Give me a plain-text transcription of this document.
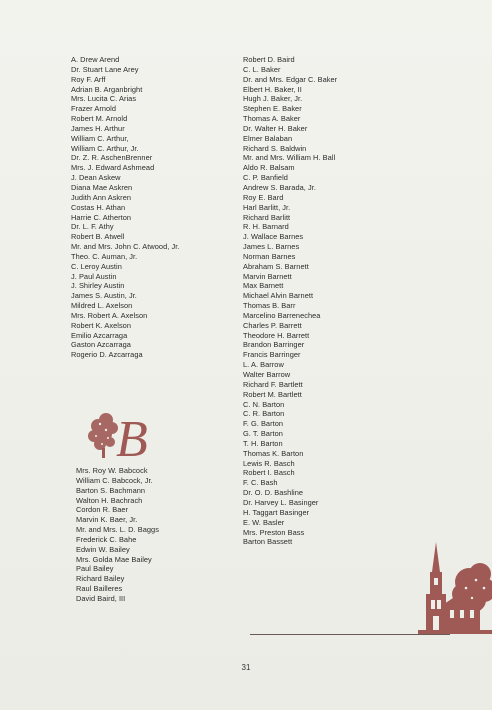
A. Drew Arend
Dr. Stuart Lane Arey
Roy F. Arff
Adrian B. Arganbright
Mrs. Lucita C. Arias
Frazer Arnold
Robert M. Arnold
James H. Arthur
William C. Arthur,
William C. Arthur, Jr.
Dr. Z. R. AschenBrenner
Mrs. J. Edward Ashmead
J. Dean Askew
Diana Mae Askren
Judith Ann Askren
Costas H. Athan
Harrie C. Atherton
Dr. L. F. Athy
Robert B. Atwell
Mr. and Mrs. John C. Atwood, Jr.
Theo. C. Auman, Jr.
C. Leroy Austin
J. Paul Austin
J. Shirley Austin
James S. Austin, Jr.
Mildred L. Axelson
Mrs. Robert A. Axelson
Robert K. Axelson
Emilio Azcarraga
Gaston Azcarraga
Rogerio D. Azcarraga
B
Mrs. Roy W. Babcock
William C. Babcock, Jr.
Barton S. Bachmann
Walton H. Bachrach
Cordon R. Baer
Marvin K. Baer, Jr.
Mr. and Mrs. L. D. Baggs
Frederick C. Bahe
Edwin W. Bailey
Mrs. Golda Mae Bailey
Paul Bailey
Richard Bailey
Raul Bailleres
David Baird, III
Robert D. Baird
C. L. Baker
Dr. and Mrs. Edgar C. Baker
Elbert H. Baker, II
Hugh J. Baker, Jr.
Stephen E. Baker
Thomas A. Baker
Dr. Walter H. Baker
Elmer Balaban
Richard S. Baldwin
Mr. and Mrs. William H. Ball
Aldo R. Balsam
C. P. Banfield
Andrew S. Barada, Jr.
Roy E. Bard
Harl Barlitt, Jr.
Richard Barlitt
R. H. Barnard
J. Wallace Barnes
James L. Barnes
Norman Barnes
Abraham S. Barnett
Marvin Barnett
Max Barnett
Michael Alvin Barnett
Thomas B. Barr
Marcelino Barrenechea
Charles P. Barrett
Theodore H. Barrett
Brandon Barringer
Francis Barringer
L. A. Barrow
Walter Barrow
Richard F. Bartlett
Robert M. Bartlett
C. N. Barton
C. R. Barton
F. G. Barton
G. T. Barton
T. H. Barton
Thomas K. Barton
Lewis R. Basch
Robert I. Basch
F. C. Bash
Dr. O. D. Bashline
Dr. Harvey L. Basinger
H. Taggart Basinger
E. W. Basler
Mrs. Preston Bass
Barton Bassett
31
